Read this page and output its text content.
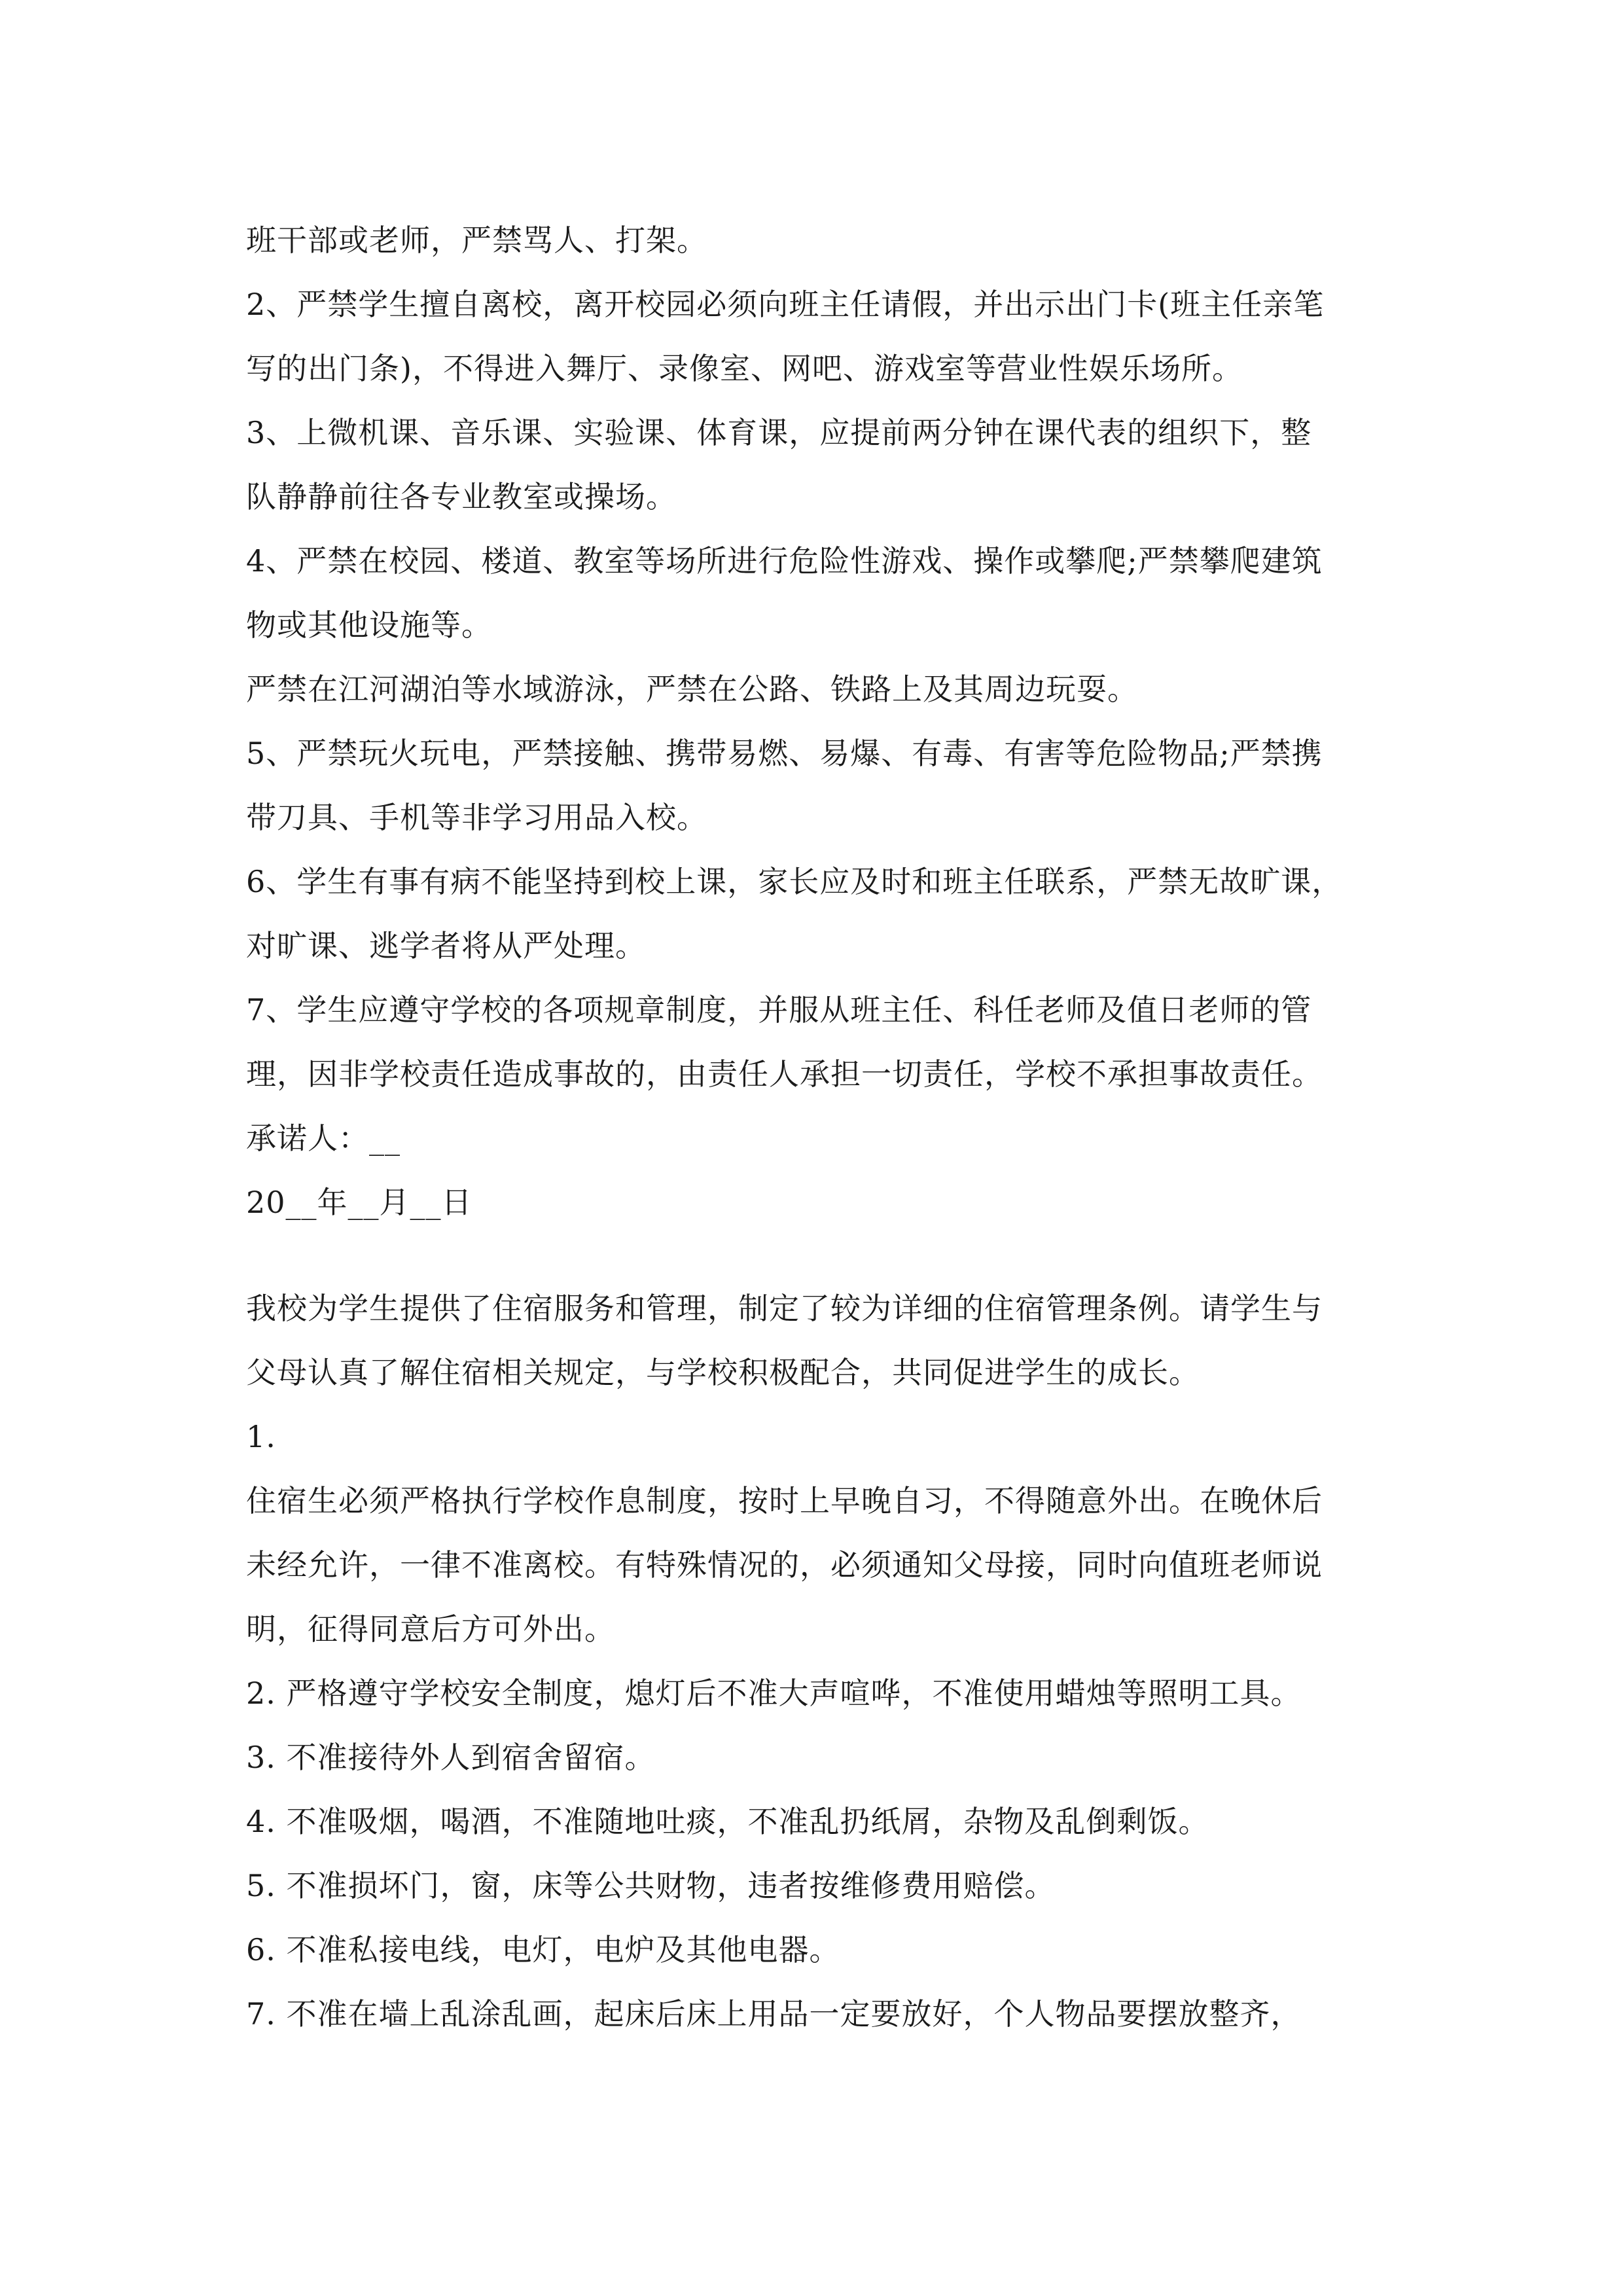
班干部或老师，严禁骂人、打架。
2、严禁学生擅自离校，离开校园必须向班主任请假，并出示出门卡(班主任亲笔
写的出门条)，不得进入舞厅、录像室、网吧、游戏室等营业性娱乐场所。
3、上微机课、音乐课、实验课、体育课，应提前两分钟在课代表的组织下，整
队静静前往各专业教室或操场。
4、严禁在校园、楼道、教室等场所进行危险性游戏、操作或攀爬;严禁攀爬建筑
物或其他设施等。
严禁在江河湖泊等水域游泳，严禁在公路、铁路上及其周边玩耍。
5、严禁玩火玩电，严禁接触、携带易燃、易爆、有毒、有害等危险物品;严禁携
带刀具、手机等非学习用品入校。
6、学生有事有病不能坚持到校上课，家长应及时和班主任联系，严禁无故旷课，
对旷课、逃学者将从严处理。
7、学生应遵守学校的各项规章制度，并服从班主任、科任老师及值日老师的管
理，因非学校责任造成事故的，由责任人承担一切责任，学校不承担事故责任。
承诺人：__
20__年__月__日
我校为学生提供了住宿服务和管理，制定了较为详细的住宿管理条例。请学生与
父母认真了解住宿相关规定，与学校积极配合，共同促进学生的成长。
1.
住宿生必须严格执行学校作息制度，按时上早晚自习，不得随意外出。在晚休后
未经允许，一律不准离校。有特殊情况的，必须通知父母接，同时向值班老师说
明，征得同意后方可外出。
2. 严格遵守学校安全制度，熄灯后不准大声喧哗，不准使用蜡烛等照明工具。
3. 不准接待外人到宿舍留宿。
4. 不准吸烟，喝酒，不准随地吐痰，不准乱扔纸屑，杂物及乱倒剩饭。
5. 不准损坏门，窗，床等公共财物，违者按维修费用赔偿。
6. 不准私接电线，电灯，电炉及其他电器。
7. 不准在墙上乱涂乱画，起床后床上用品一定要放好，个人物品要摆放整齐，
